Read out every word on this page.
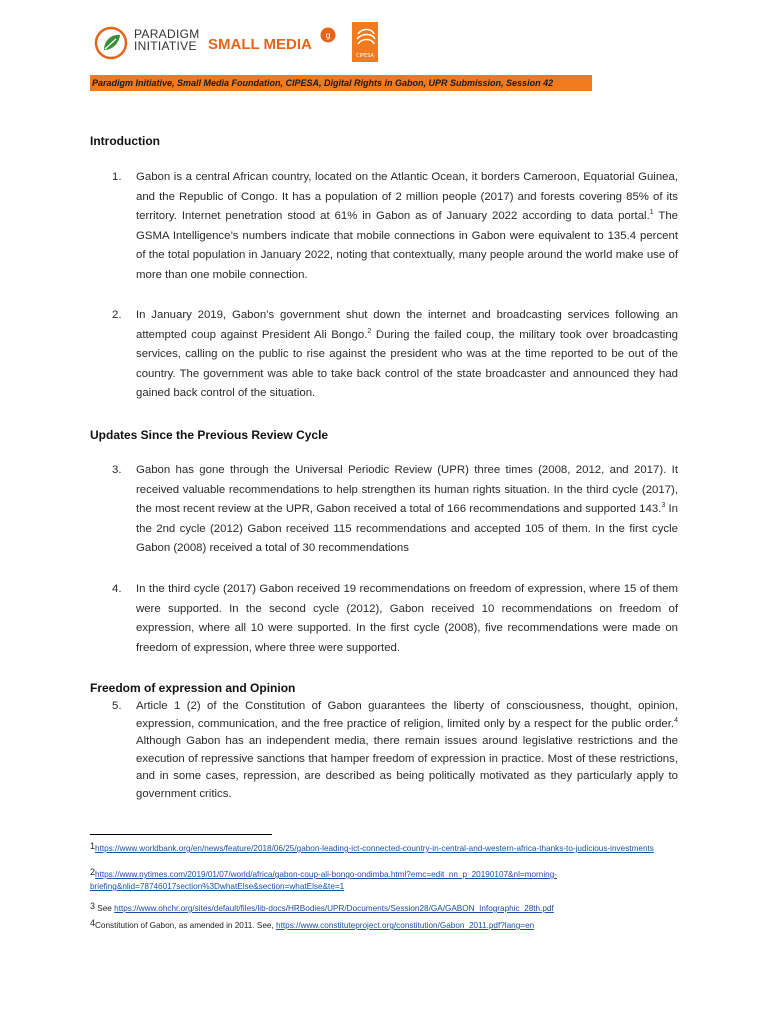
PARADIGM
INITIATIVE SMALL MEDIA
g
CIPESA
Paradigm Initiative, Small Media Foundation, CIPESA, Digital Rights in Gabon, UPR Submission, Session 42
Introduction
1. Gabon is a central African country, located on the Atlantic Ocean, it borders Cameroon, Equatorial Guinea, and the Republic of Congo. It has a population of 2 million people (2017) and forests covering 85% of its territory. Internet penetration stood at 61% in Gabon as of January 2022 according to data portal.$^1$ The GSMA Intelligence’s numbers indicate that mobile connections in Gabon were equivalent to 135.4 percent of the total population in January 2022, noting that contextually, many people around the world make use of more than one mobile connection.
2. In January 2019, Gabon’s government shut down the internet and broadcasting services following an attempted coup against President Ali Bongo.$^2$ During the failed coup, the military took over broadcasting services, calling on the public to rise against the president who was at the time reported to be out of the country. The government was able to take back control of the state broadcaster and announced they had gained back control of the situation.
Updates Since the Previous Review Cycle
3. Gabon has gone through the Universal Periodic Review (UPR) three times (2008, 2012, and 2017). It received valuable recommendations to help strengthen its human rights situation. In the third cycle (2017), the most recent review at the UPR, Gabon received a total of 166 recommendations and supported 143.$^3$ In the 2nd cycle (2012) Gabon received 115 recommendations and accepted 105 of them. In the first cycle Gabon (2008) received a total of 30 recommendations
4. In the third cycle (2017) Gabon received 19 recommendations on freedom of expression, where 15 of them were supported. In the second cycle (2012), Gabon received 10 recommendations on freedom of expression, where all 10 were supported. In the first cycle (2008), five recommendations were made on freedom of expression, where three were supported.
Freedom of expression and Opinion
5. Article 1 (2) of the Constitution of Gabon guarantees the liberty of consciousness, thought, opinion, expression, communication, and the free practice of religion, limited only by a respect for the public order.$^4$ Although Gabon has an independent media, there remain issues around legislative restrictions and the execution of repressive sanctions that hamper freedom of expression in practice. Most of these restrictions, and in some cases, repression, are described as being politically motivated as they particularly apply to government critics.
1https://www.worldbank.org/en/news/feature/2018/06/25/gabon-leading-ict-connected-country-in-central-and-western-africa-thanks-to-judicious-investments
2https://www.nytimes.com/2019/01/07/world/africa/gabon-coup-ali-bongo-ondimba.html?emc=edit_nn_p_20190107&nl=morning-briefing&nlid=78746017section%3DwhatElse&section=whatElse&te=1
3 See https://www.ohchr.org/sites/default/files/lib-docs/HRBodies/UPR/Documents/Session28/GA/GABON_Infographic_28th.pdf
4Constitution of Gabon, as amended in 2011. See, https://www.constituteproject.org/constitution/Gabon_2011.pdf?lang=en
